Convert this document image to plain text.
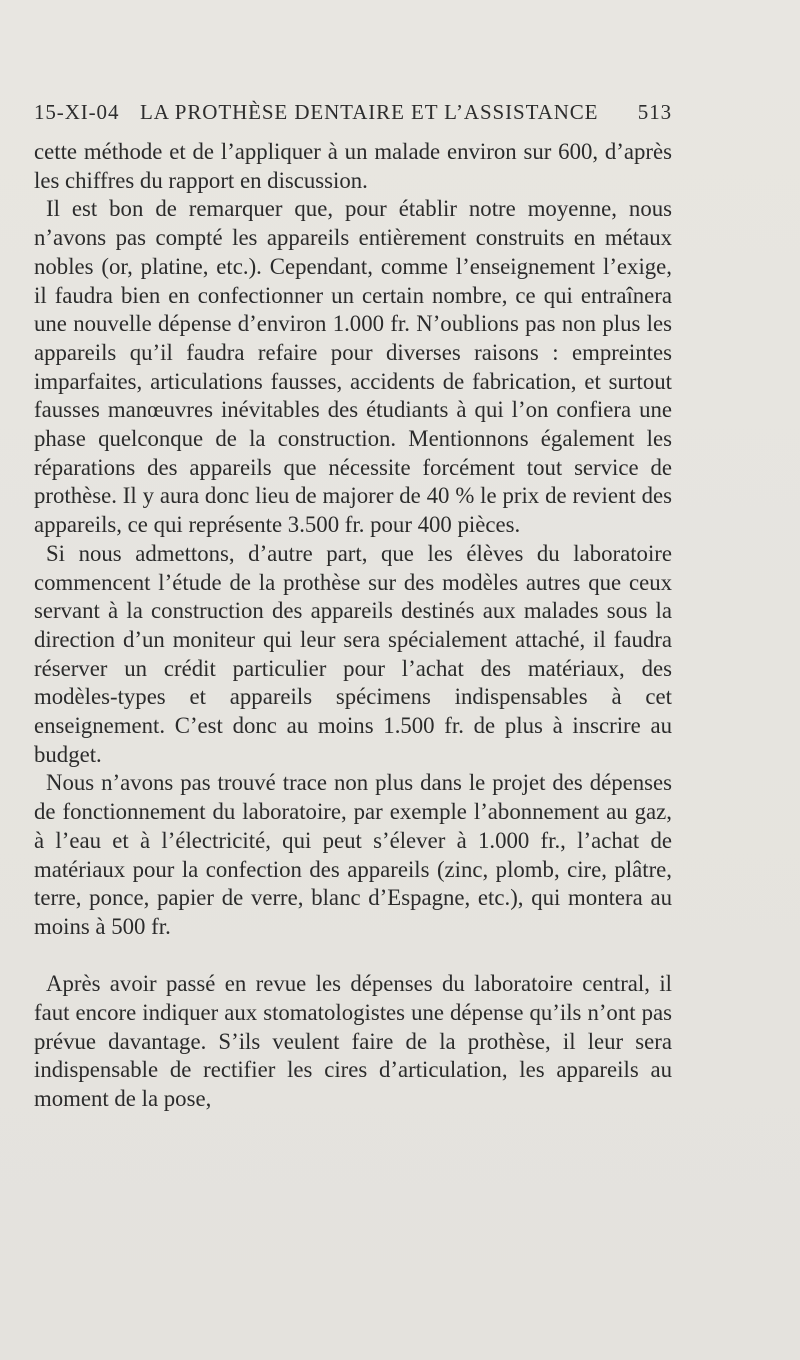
15-XI-04 LA PROTHÈSE DENTAIRE ET L’ASSISTANCE 513

cette méthode et de l’appliquer à un malade environ sur 600, d’après les chiffres du rapport en discussion.

Il est bon de remarquer que, pour établir notre moyenne, nous n’avons pas compté les appareils entièrement construits en métaux nobles (or, platine, etc.). Cependant, comme l’enseignement l’exige, il faudra bien en confectionner un certain nombre, ce qui entraînera une nouvelle dépense d’environ 1.000 fr. N’oublions pas non plus les appareils qu’il faudra refaire pour diverses raisons : empreintes imparfaites, articulations fausses, accidents de fabrication, et surtout fausses manœuvres inévitables des étudiants à qui l’on confiera une phase quelconque de la construction. Mentionnons également les réparations des appareils que nécessite forcément tout service de prothèse. Il y aura donc lieu de majorer de 40 % le prix de revient des appareils, ce qui représente 3.500 fr. pour 400 pièces.

Si nous admettons, d’autre part, que les élèves du laboratoire commencent l’étude de la prothèse sur des modèles autres que ceux servant à la construction des appareils destinés aux malades sous la direction d’un moniteur qui leur sera spécialement attaché, il faudra réserver un crédit particulier pour l’achat des matériaux, des modèles-types et appareils spécimens indispensables à cet enseignement. C’est donc au moins 1.500 fr. de plus à inscrire au budget.

Nous n’avons pas trouvé trace non plus dans le projet des dépenses de fonctionnement du laboratoire, par exemple l’abonnement au gaz, à l’eau et à l’électricité, qui peut s’élever à 1.000 fr., l’achat de matériaux pour la confection des appareils (zinc, plomb, cire, plâtre, terre, ponce, papier de verre, blanc d’Espagne, etc.), qui montera au moins à 500 fr.

Après avoir passé en revue les dépenses du laboratoire central, il faut encore indiquer aux stomatologistes une dépense qu’ils n’ont pas prévue davantage. S’ils veulent faire de la prothèse, il leur sera indispensable de rectifier les cires d’articulation, les appareils au moment de la pose,
